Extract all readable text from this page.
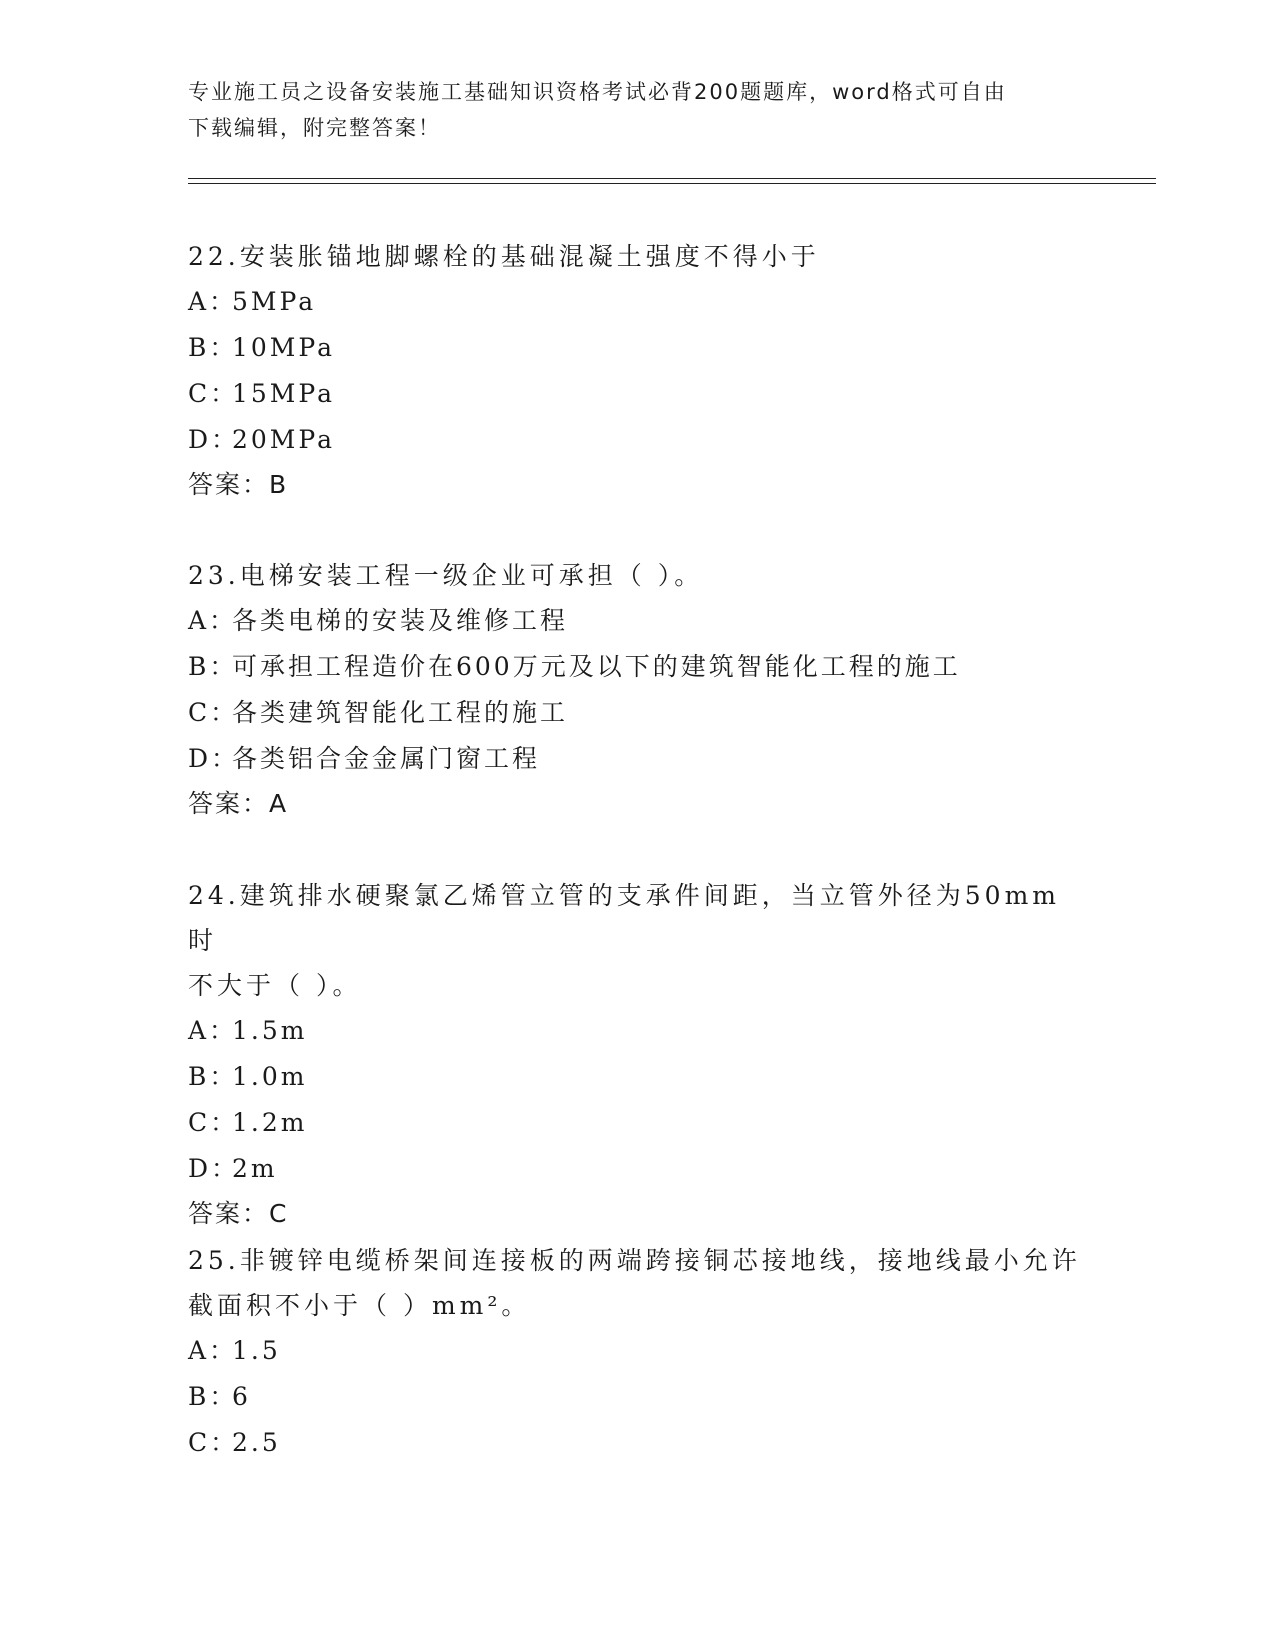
专业施工员之设备安装施工基础知识资格考试必背200题题库，word格式可自由
下载编辑，附完整答案！
22.安装胀锚地脚螺栓的基础混凝土强度不得小于
A：
5MPa
B：
10MPa
C：
15MPa
D：
20MPa
答案：B
23.电梯安装工程一级企业可承担（ ）。
A：
各类电梯的安装及维修工程
B：
可承担工程造价在600万元及以下的建筑智能化工程的施工
C：
各类建筑智能化工程的施工
D：
各类铝合金金属门窗工程
答案：A
24.建筑排水硬聚氯乙烯管立管的支承件间距，当立管外径为50mm时
不大于（ ）。
A：
1.5m
B：
1.0m
C：
1.2m
D：
2m
答案：C
25.非镀锌电缆桥架间连接板的两端跨接铜芯接地线，接地线最小允许
截面积不小于（ ）mm²。
A：
1.5
B：
6
C：
2.5
